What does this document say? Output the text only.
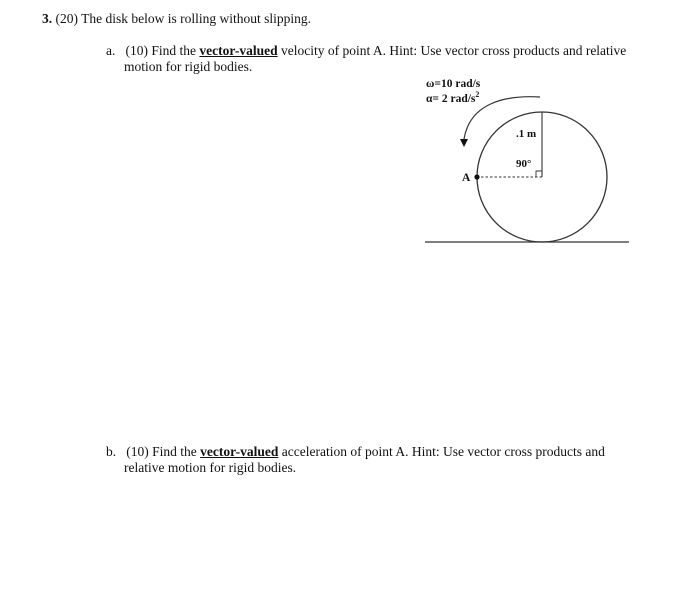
3. (20) The disk below is rolling without slipping.
a. (10) Find the vector-valued velocity of point A. Hint: Use vector cross products and relative
motion for rigid bodies.
ω=10 rad/s
α= 2 rad/$s^2$
.1 m
90°
A
b. (10) Find the vector-valued acceleration of point A. Hint: Use vector cross products and
relative motion for rigid bodies.
